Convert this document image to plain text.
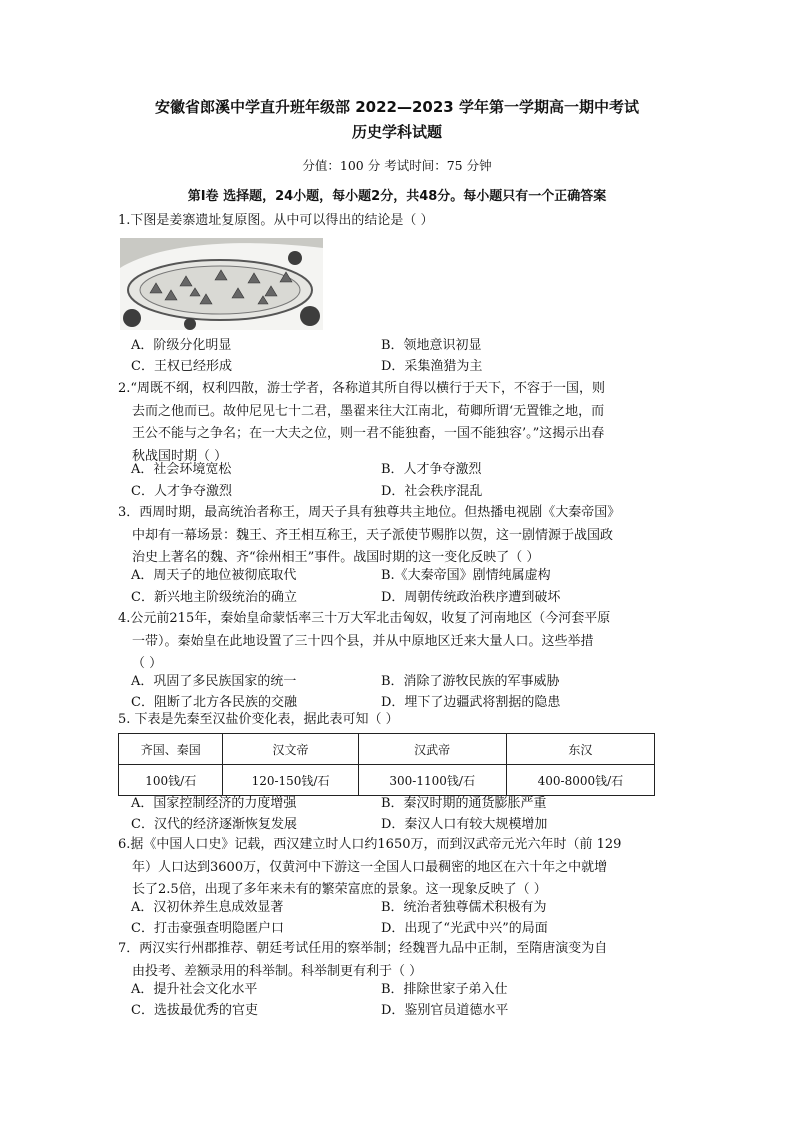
安徽省郎溪中学直升班年级部 2022—2023 学年第一学期高一期中考试
历史学科试题
分值：100 分 考试时间：75 分钟
第Ⅰ卷 选择题，24小题，每小题2分，共48分。每小题只有一个正确答案
1.下图是姜寨遗址复原图。从中可以得出的结论是（ ）
A．阶级分化明显	B．领地意识初显
C．王权已经形成	D．采集渔猎为主
2.“周既不纲，权利四散，游士学者，各称道其所自得以横行于天下，不容于一国，则
去而之他而已。故仲尼见七十二君，墨翟来往大江南北，荀卿所谓‘无置锥之地，而
王公不能与之争名；在一大夫之位，则一君不能独畜，一国不能独容’。”这揭示出春
秋战国时期（ ）
A．社会环境宽松	B．人才争夺激烈
C．人才争夺激烈	D．社会秩序混乱
3．西周时期，最高统治者称王，周天子具有独尊共主地位。但热播电视剧《大秦帝国》
中却有一幕场景：魏王、齐王相互称王，天子派使节赐胙以贺，这一剧情源于战国政
治史上著名的魏、齐“徐州相王”事件。战国时期的这一变化反映了（ ）
A．周天子的地位被彻底取代	B.《大秦帝国》剧情纯属虚构
C．新兴地主阶级统治的确立	D．周朝传统政治秩序遭到破坏
4.公元前215年，秦始皇命蒙恬率三十万大军北击匈奴，收复了河南地区（今河套平原
一带）。秦始皇在此地设置了三十四个县，并从中原地区迁来大量人口。这些举措
（ ）
A．巩固了多民族国家的统一	B．消除了游牧民族的军事威胁
C．阻断了北方各民族的交融	D．埋下了边疆武将割据的隐患
5. 下表是先秦至汉盐价变化表，据此表可知（ ）
齐国、秦国	汉文帝	汉武帝	东汉
100钱/石	120-150钱/石	300-1100钱/石	400-8000钱/石
A．国家控制经济的力度增强	B．秦汉时期的通货膨胀严重
C．汉代的经济逐渐恢复发展	D．秦汉人口有较大规模增加
6.据《中国人口史》记载，西汉建立时人口约1650万，而到汉武帝元光六年时（前 129
年）人口达到3600万，仅黄河中下游这一全国人口最稠密的地区在六十年之中就增
长了2.5倍，出现了多年来未有的繁荣富庶的景象。这一现象反映了（ ）
A．汉初休养生息成效显著	B．统治者独尊儒术积极有为
C．打击豪强查明隐匿户口	D．出现了“光武中兴”的局面
7．两汉实行州郡推荐、朝廷考试任用的察举制；经魏晋九品中正制，至隋唐演变为自
由投考、差额录用的科举制。科举制更有利于（ ）
A．提升社会文化水平	B．排除世家子弟入仕
C．选拔最优秀的官吏	D．鉴别官员道德水平
